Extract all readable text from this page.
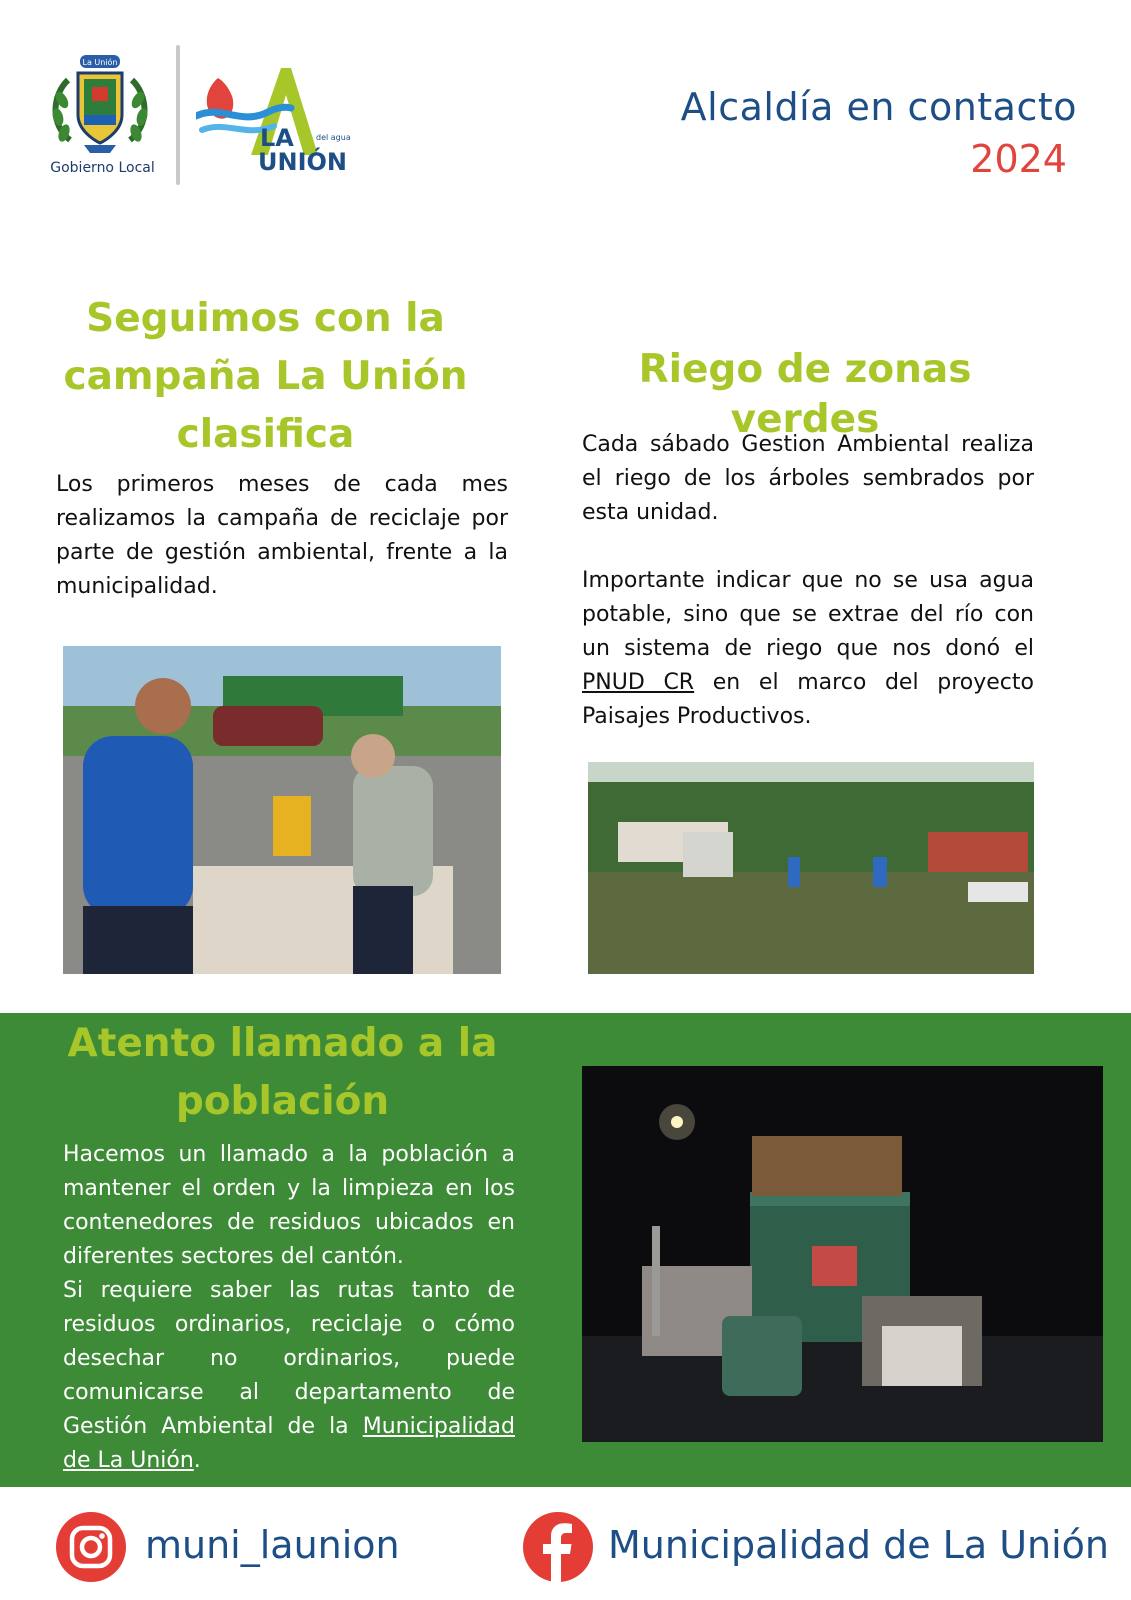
La Unión
Gobierno Local
LA
UNIÓN
del agua
Alcaldía en contacto
2024
Seguimos con la
campaña La Unión
clasifica
Los primeros meses de cada mes realizamos la campaña de reciclaje por parte de gestión ambiental, frente a la municipalidad.
Riego de zonas verdes
Cada sábado Gestion Ambiental realiza el riego de los árboles sembrados por esta unidad.
Importante indicar que no se usa agua potable, sino que se extrae del río con un sistema de riego que nos donó el PNUD CR en el marco del proyecto Paisajes Productivos.
Atento llamado a la
población
Hacemos un llamado a la población a mantener el orden y la limpieza en los contenedores de residuos ubicados en diferentes sectores del cantón.
Si requiere saber las rutas tanto de residuos ordinarios, reciclaje o cómo desechar no ordinarios, puede comunicarse al departamento de Gestión Ambiental de la Municipalidad de La Unión.
muni_launion	Municipalidad de La Unión
